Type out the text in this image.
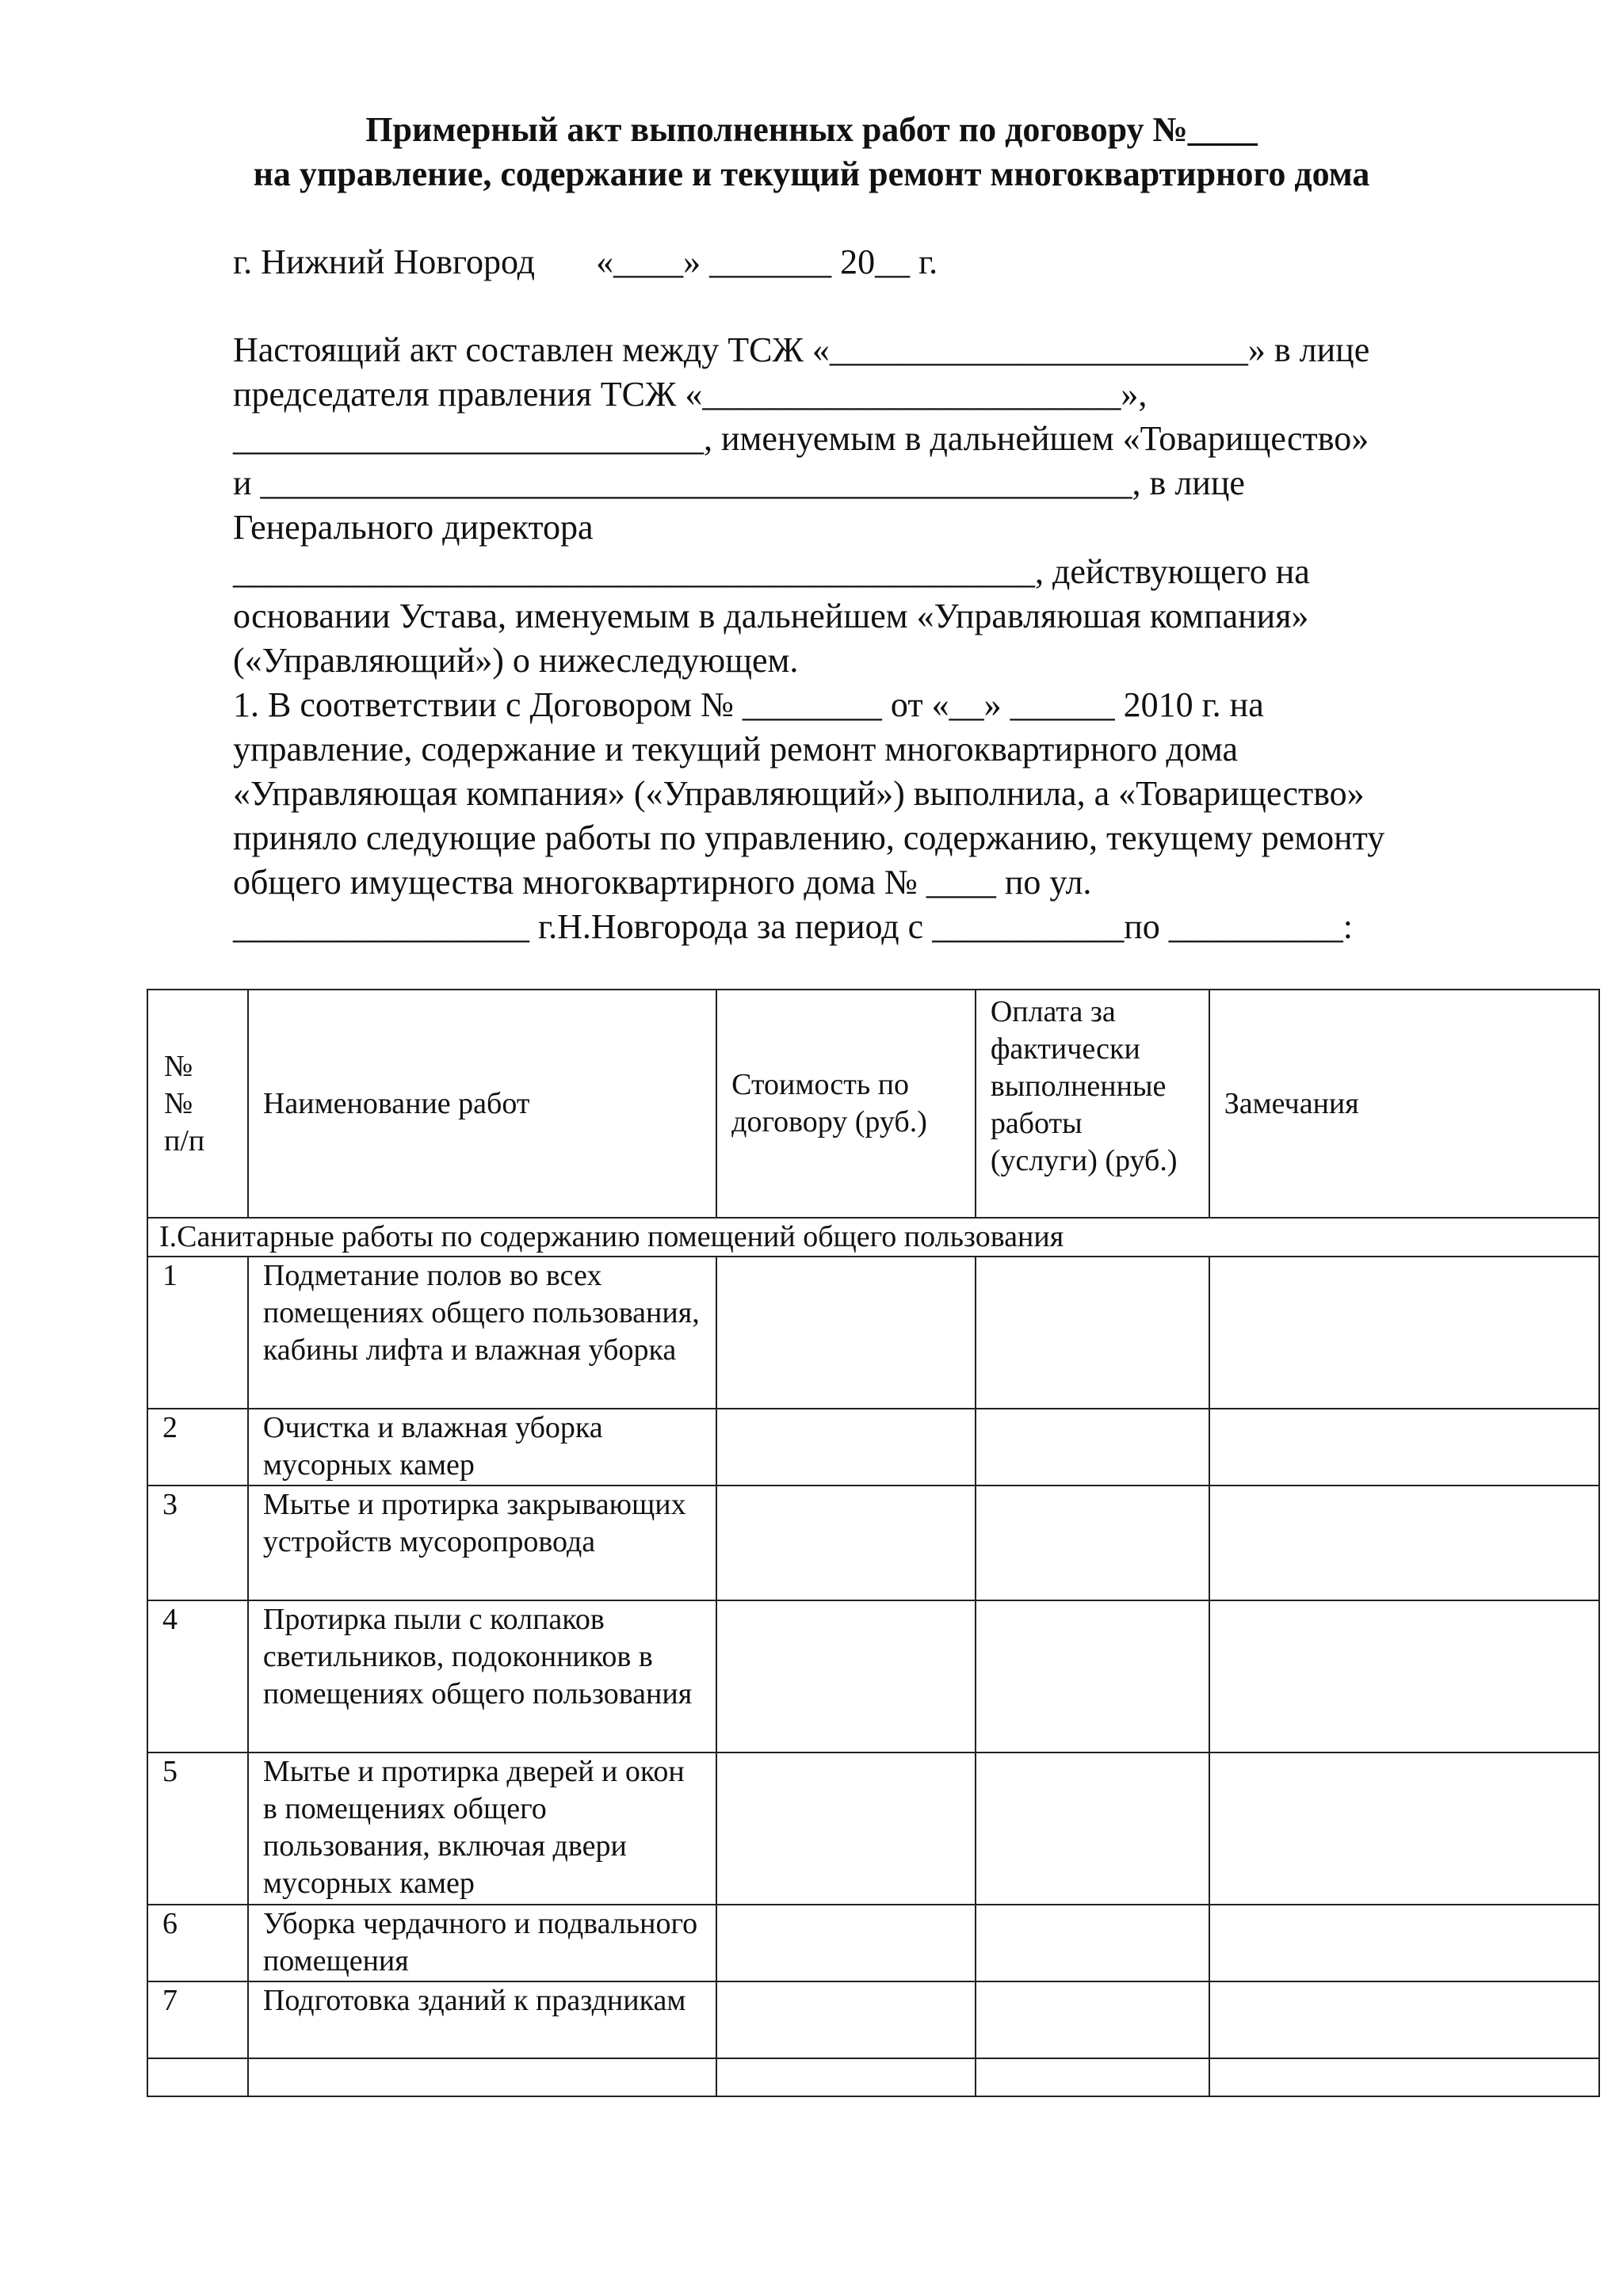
Примерный акт выполненных работ по договору №____
на управление, содержание и текущий ремонт многоквартирного дома
г. Нижний Новгород       «____» _______ 20__ г.
Настоящий акт составлен между ТСЖ «________________________» в лице
председателя правления ТСЖ «________________________»,
___________________________, именуемым в дальнейшем «Товарищество»
и __________________________________________________, в лице
Генерального директора
______________________________________________, действующего на
основании Устава, именуемым в дальнейшем «Управляюшая компания»
(«Управляющий») о нижеследующем.
1. В соответствии с Договором № ________ от «__» ______ 2010 г. на
управление, содержание и текущий ремонт многоквартирного дома
«Управляющая компания» («Управляющий») выполнила, а «Товарищество»
приняло следующие работы по управлению, содержанию, текущему ремонту
общего имущества многоквартирного дома № ____ по ул.
_________________ г.Н.Новгорода за период с ___________по __________:
№ № п/п	Наименование работ	Стоимость по договору (руб.)	Оплата за фактически выполненные работы (услуги) (руб.)	Замечания
I.Санитарные работы по содержанию помещений общего пользования				
1	Подметание полов во всех помещениях общего пользования, кабины лифта и влажная уборка			
2	Очистка и влажная уборка мусорных камер			
3	Мытье и протирка закрывающих устройств мусоропровода			
4	Протирка пыли с колпаков светильников, подоконников в помещениях общего пользования			
5	Мытье и протирка дверей и окон в помещениях общего пользования, включая двери мусорных камер			
6	Уборка чердачного и подвального помещения			
7	Подготовка зданий к праздникам			
